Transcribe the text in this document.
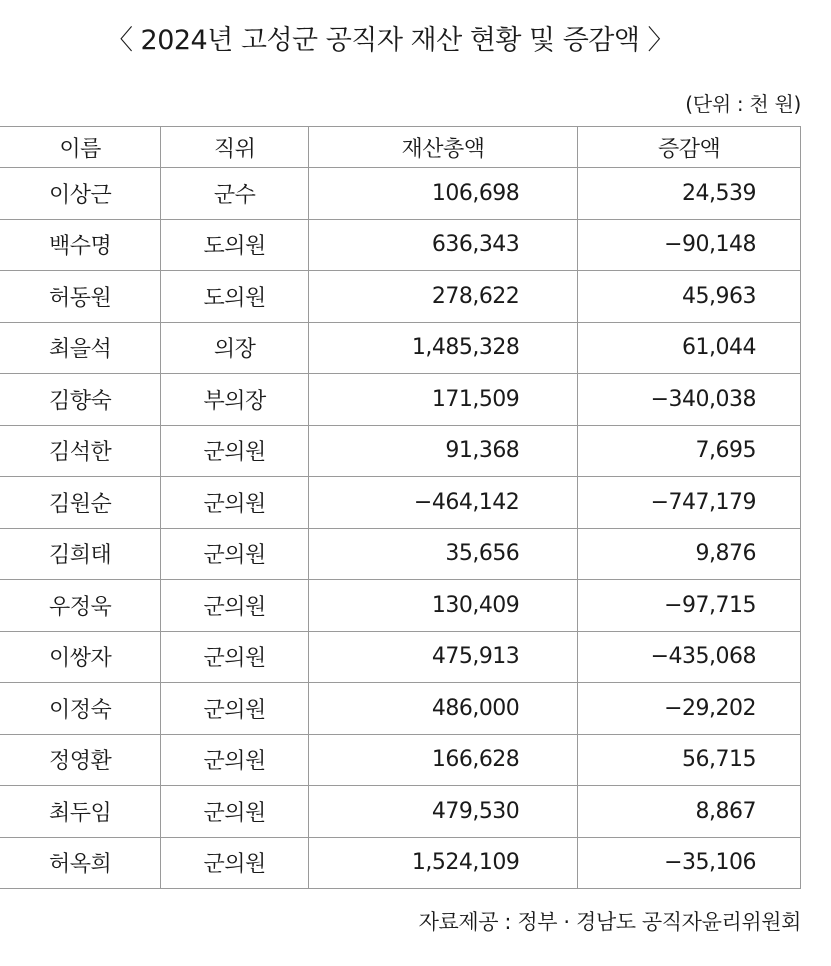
〈 2024년 고성군 공직자 재산 현황 및 증감액 〉
(단위 : 천 원)
이름	직위	재산총액	증감액
이상근	군수	106,698	24,539
백수명	도의원	636,343	−90,148
허동원	도의원	278,622	45,963
최을석	의장	1,485,328	61,044
김향숙	부의장	171,509	−340,038
김석한	군의원	91,368	7,695
김원순	군의원	−464,142	−747,179
김희태	군의원	35,656	9,876
우정욱	군의원	130,409	−97,715
이쌍자	군의원	475,913	−435,068
이정숙	군의원	486,000	−29,202
정영환	군의원	166,628	56,715
최두임	군의원	479,530	8,867
허옥희	군의원	1,524,109	−35,106
자료제공 : 정부 · 경남도 공직자윤리위원회
